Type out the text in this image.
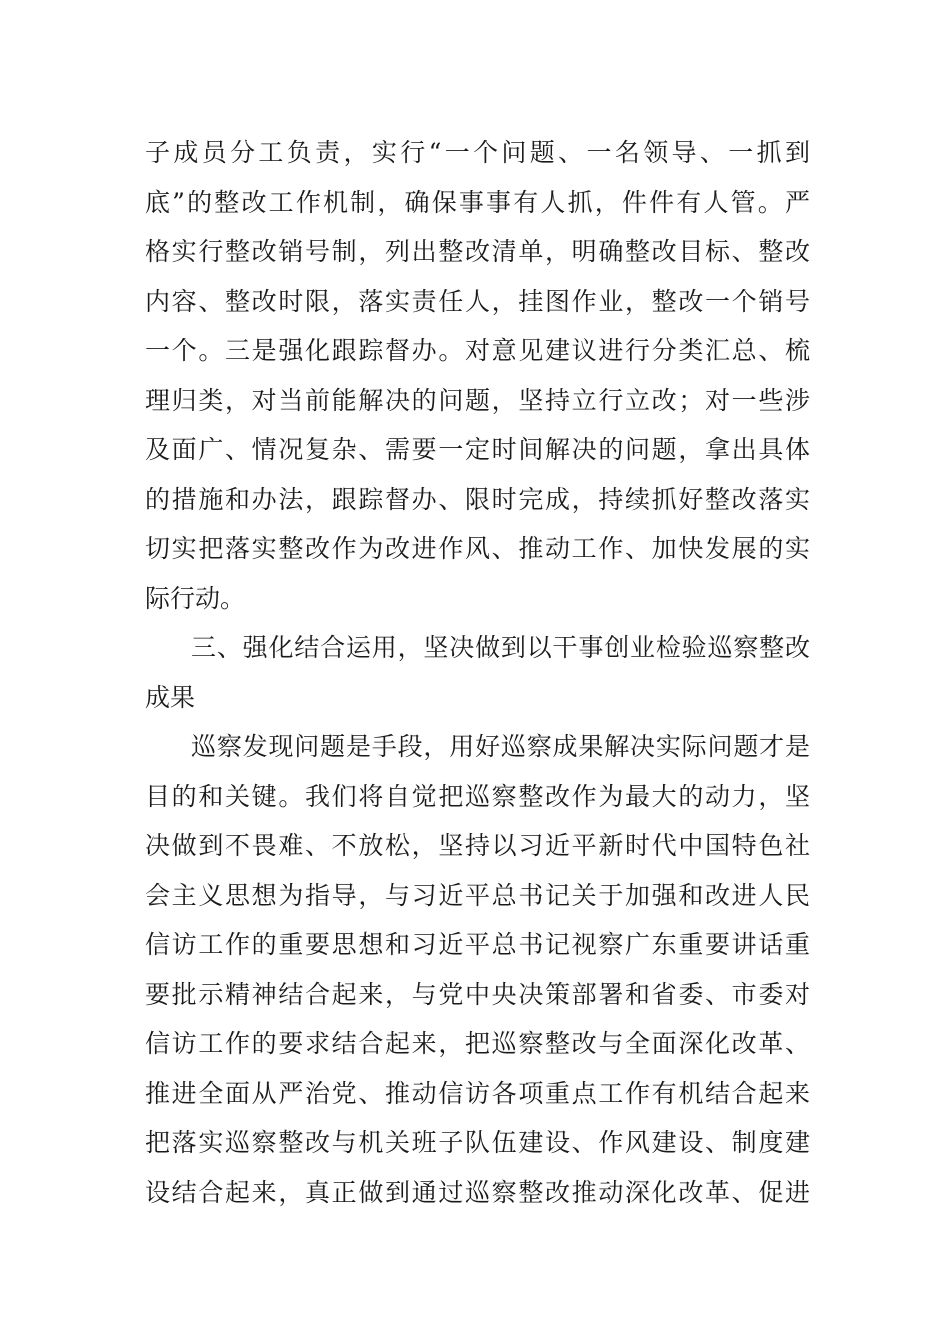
子成员分工负责，实行“一个问题、一名领导、一抓到
底”的整改工作机制，确保事事有人抓，件件有人管。严
格实行整改销号制，列出整改清单，明确整改目标、整改
内容、整改时限，落实责任人，挂图作业，整改一个销号
一个。三是强化跟踪督办。对意见建议进行分类汇总、梳
理归类，对当前能解决的问题，坚持立行立改；对一些涉
及面广、情况复杂、需要一定时间解决的问题，拿出具体
的措施和办法，跟踪督办、限时完成，持续抓好整改落实
切实把落实整改作为改进作风、推动工作、加快发展的实
际行动。
三、强化结合运用，坚决做到以干事创业检验巡察整改
成果
巡察发现问题是手段，用好巡察成果解决实际问题才是
目的和关键。我们将自觉把巡察整改作为最大的动力，坚
决做到不畏难、不放松，坚持以习近平新时代中国特色社
会主义思想为指导，与习近平总书记关于加强和改进人民
信访工作的重要思想和习近平总书记视察广东重要讲话重
要批示精神结合起来，与党中央决策部署和省委、市委对
信访工作的要求结合起来，把巡察整改与全面深化改革、
推进全面从严治党、推动信访各项重点工作有机结合起来
把落实巡察整改与机关班子队伍建设、作风建设、制度建
设结合起来，真正做到通过巡察整改推动深化改革、促进
